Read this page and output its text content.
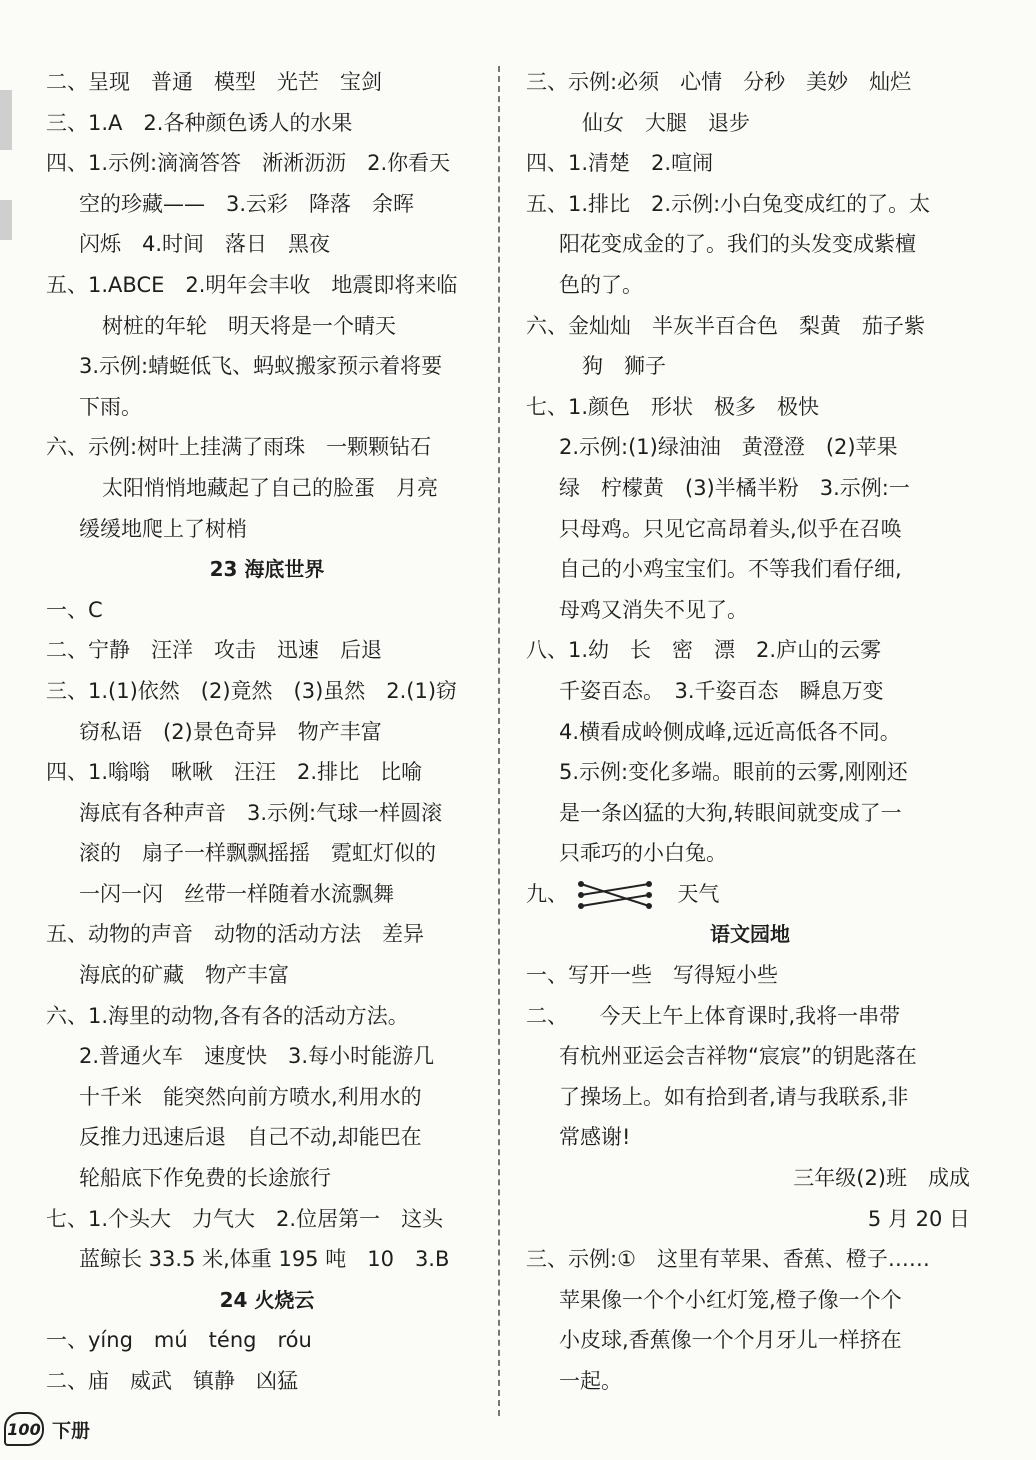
二、呈现　普通　模型　光芒　宝剑
三、1.A　2.各种颜色诱人的水果
四、1.示例:滴滴答答　淅淅沥沥　2.你看天
空的珍藏——　3.云彩　降落　余晖
闪烁　4.时间　落日　黑夜
五、1.ABCE　2.明年会丰收　地震即将来临
树桩的年轮　明天将是一个晴天
3.示例:蜻蜓低飞、蚂蚁搬家预示着将要
下雨。
六、示例:树叶上挂满了雨珠　一颗颗钻石
太阳悄悄地藏起了自己的脸蛋　月亮
缓缓地爬上了树梢
23 海底世界
一、C
二、宁静　汪洋　攻击　迅速　后退
三、1.(1)依然　(2)竟然　(3)虽然　2.(1)窃
窃私语　(2)景色奇异　物产丰富
四、1.嗡嗡　啾啾　汪汪　2.排比　比喻
海底有各种声音　3.示例:气球一样圆滚
滚的　扇子一样飘飘摇摇　霓虹灯似的
一闪一闪　丝带一样随着水流飘舞
五、动物的声音　动物的活动方法　差异
海底的矿藏　物产丰富
六、1.海里的动物,各有各的活动方法。
2.普通火车　速度快　3.每小时能游几
十千米　能突然向前方喷水,利用水的
反推力迅速后退　自己不动,却能巴在
轮船底下作免费的长途旅行
七、1.个头大　力气大　2.位居第一　这头
蓝鲸长 33.5 米,体重 195 吨　10　3.B
24 火烧云
一、yíng　mú　téng　róu
二、庙　威武　镇静　凶猛
三、示例:必须　心情　分秒　美妙　灿烂
仙女　大腿　退步
四、1.清楚　2.喧闹
五、1.排比　2.示例:小白兔变成红的了。太
阳花变成金的了。我们的头发变成紫檀
色的了。
六、金灿灿　半灰半百合色　梨黄　茄子紫
狗　狮子
七、1.颜色　形状　极多　极快
2.示例:(1)绿油油　黄澄澄　(2)苹果
绿　柠檬黄　(3)半橘半粉　3.示例:一
只母鸡。只见它高昂着头,似乎在召唤
自己的小鸡宝宝们。不等我们看仔细,
母鸡又消失不见了。
八、1.幼　长　密　漂　2.庐山的云雾
千姿百态。　3.千姿百态　瞬息万变
4.横看成岭侧成峰,远近高低各不同。
5.示例:变化多端。眼前的云雾,刚刚还
是一条凶猛的大狗,转眼间就变成了一
只乖巧的小白兔。
九、	天气
语文园地
一、写开一些　写得短小些
二、　　今天上午上体育课时,我将一串带
有杭州亚运会吉祥物“宸宸”的钥匙落在
了操场上。如有拾到者,请与我联系,非
常感谢!
三年级(2)班　成成
5 月 20 日
三、示例:①　这里有苹果、香蕉、橙子……
苹果像一个个小红灯笼,橙子像一个个
小皮球,香蕉像一个个月牙儿一样挤在
一起。
100 下册
